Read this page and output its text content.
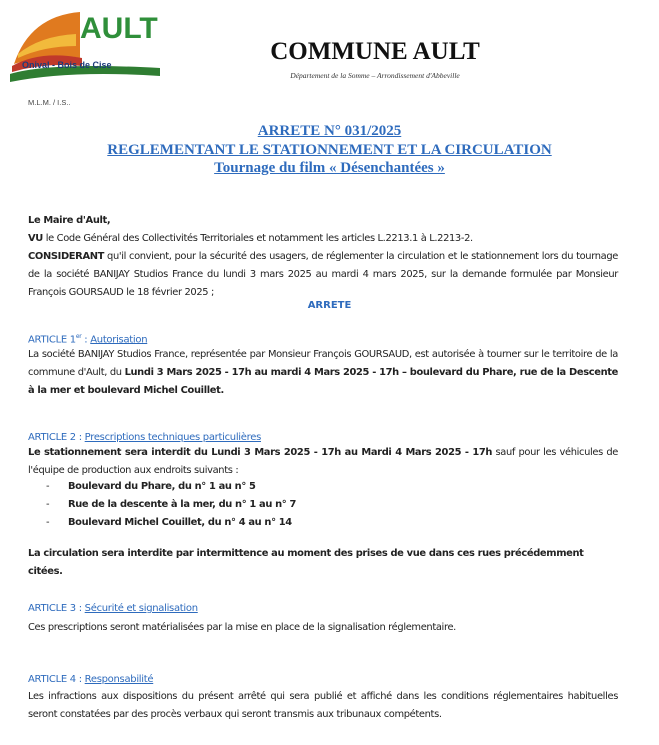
AULT
Onival - Bois de Cise
M.L.M. / I.S..
COMMUNE AULT
Département de la Somme – Arrondissement d'Abbeville
ARRETE N° 031/2025
REGLEMENTANT LE STATIONNEMENT ET LA CIRCULATION
Tournage du film « Désenchantées »
Le Maire d'Ault,
VU le Code Général des Collectivités Territoriales et notamment les articles L.2213.1 à L.2213-2.
CONSIDERANT qu'il convient, pour la sécurité des usagers, de réglementer la circulation et le stationnement lors du tournage de la société BANIJAY Studios France du lundi 3 mars 2025 au mardi 4 mars 2025, sur la demande formulée par Monsieur François GOURSAUD le 18 février 2025 ;
ARRETE
ARTICLE 1er : Autorisation
La société BANIJAY Studios France, représentée par Monsieur François GOURSAUD, est autorisée à tourner sur le territoire de la commune d'Ault, du Lundi 3 Mars 2025 - 17h au mardi 4 Mars 2025 - 17h – boulevard du Phare, rue de la Descente à la mer et boulevard Michel Couillet.
ARTICLE 2 : Prescriptions techniques particulières
Le stationnement sera interdit du Lundi 3 Mars 2025 - 17h au Mardi 4 Mars 2025 - 17h sauf pour les véhicules de l'équipe de production aux endroits suivants :
- Boulevard du Phare, du n° 1 au n° 5
- Rue de la descente à la mer, du n° 1 au n° 7
- Boulevard Michel Couillet, du n° 4 au n° 14
La circulation sera interdite par intermittence au moment des prises de vue dans ces rues précédemment citées.
ARTICLE 3 : Sécurité et signalisation
Ces prescriptions seront matérialisées par la mise en place de la signalisation réglementaire.
ARTICLE 4 : Responsabilité
Les infractions aux dispositions du présent arrêté qui sera publié et affiché dans les conditions réglementaires habituelles seront constatées par des procès verbaux qui seront transmis aux tribunaux compétents.
